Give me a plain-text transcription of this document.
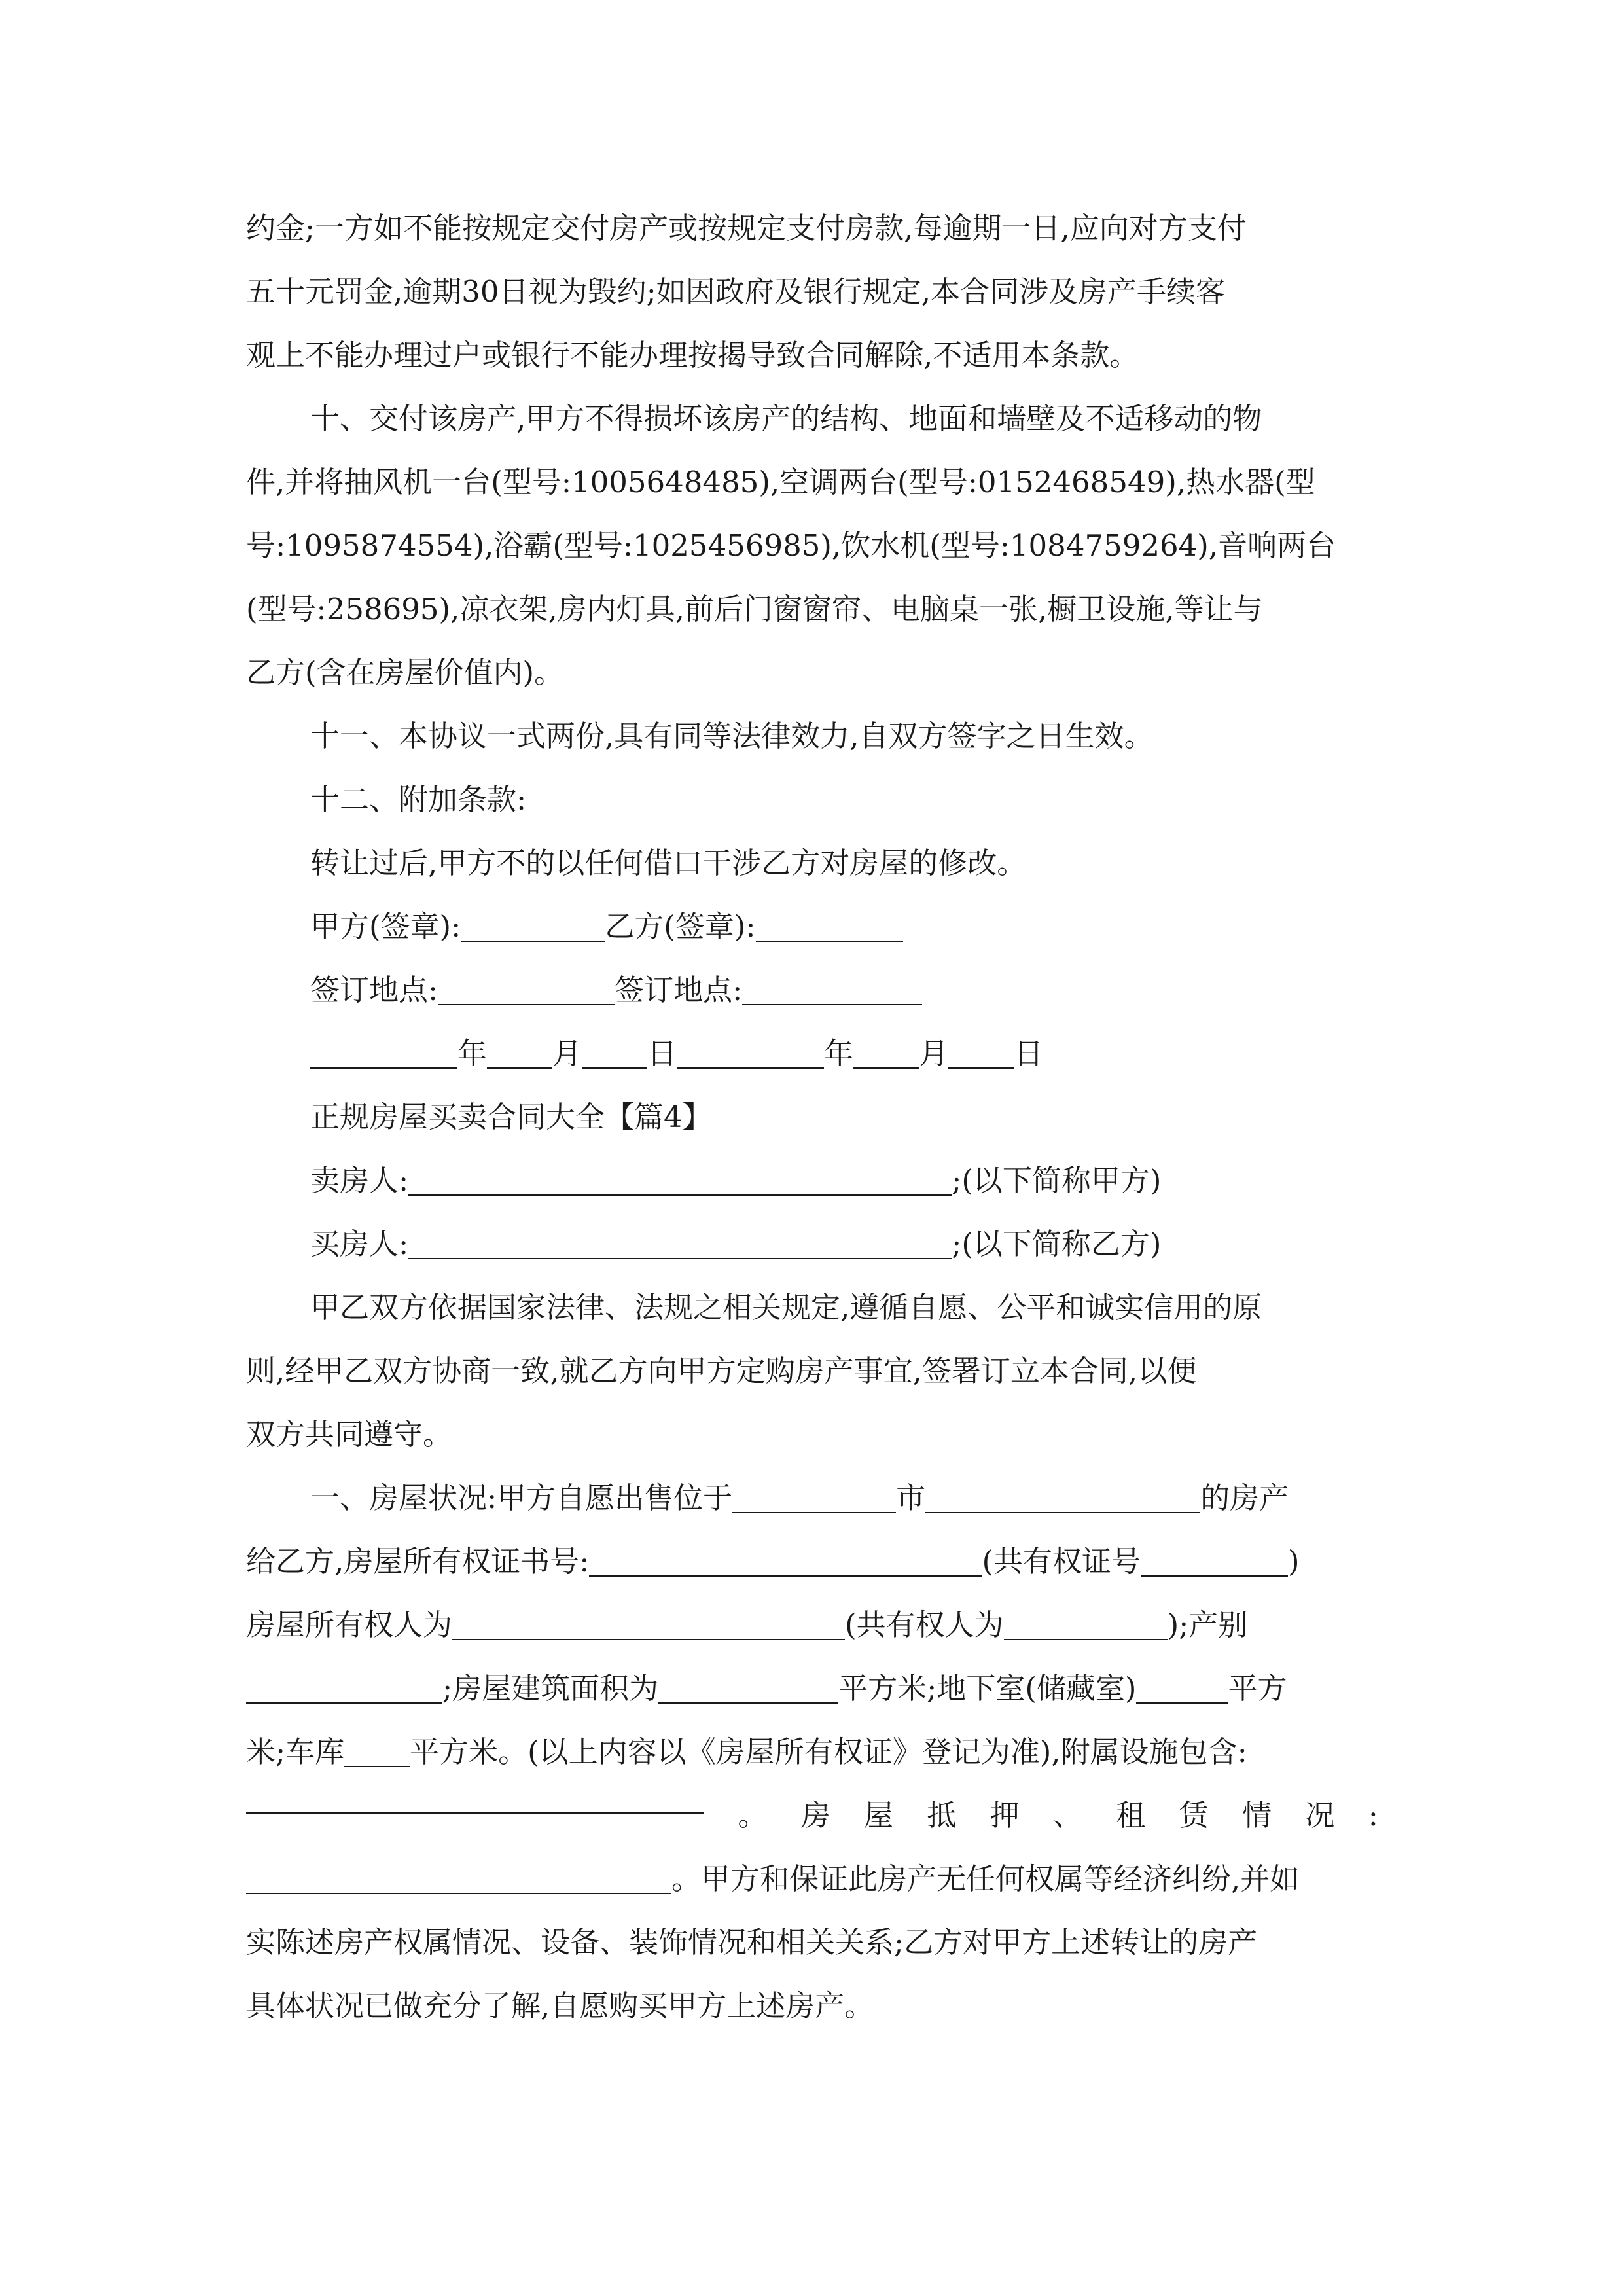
约金;一方如不能按规定交付房产或按规定支付房款,每逾期一日,应向对方支付
五十元罚金,逾期30日视为毁约;如因政府及银行规定,本合同涉及房产手续客
观上不能办理过户或银行不能办理按揭导致合同解除,不适用本条款。
十、交付该房产,甲方不得损坏该房产的结构、地面和墙壁及不适移动的物
件,并将抽风机一台(型号:1005648485),空调两台(型号:0152468549),热水器(型
号:1095874554),浴霸(型号:1025456985),饮水机(型号:1084759264),音响两台
(型号:258695),凉衣架,房内灯具,前后门窗窗帘、电脑桌一张,橱卫设施,等让与
乙方(含在房屋价值内)。
十一、本协议一式两份,具有同等法律效力,自双方签字之日生效。
十二、附加条款:
转让过后,甲方不的以任何借口干涉乙方对房屋的修改。
甲方(签章):	乙方(签章):
签订地点:	签订地点:
年 月 日	年 月 日
正规房屋买卖合同大全【篇4】
卖房人:	;(以下简称甲方)
买房人:	;(以下简称乙方)
甲乙双方依据国家法律、法规之相关规定,遵循自愿、公平和诚实信用的原
则,经甲乙双方协商一致,就乙方向甲方定购房产事宜,签署订立本合同,以便
双方共同遵守。
一、房屋状况:甲方自愿出售位于	市	的房产
给乙方,房屋所有权证书号:	(共有权证号	)
房屋所有权人为	(共有权人为	);产别
;房屋建筑面积为	平方米;地下室(储藏室)	平方
米;车库 平方米。(以上内容以《房屋所有权证》登记为准),附属设施包含:
。 房 屋 抵 押 、 租 赁 情 况 :
。甲方和保证此房产无任何权属等经济纠纷,并如
实陈述房产权属情况、设备、装饰情况和相关关系;乙方对甲方上述转让的房产
具体状况已做充分了解,自愿购买甲方上述房产。
